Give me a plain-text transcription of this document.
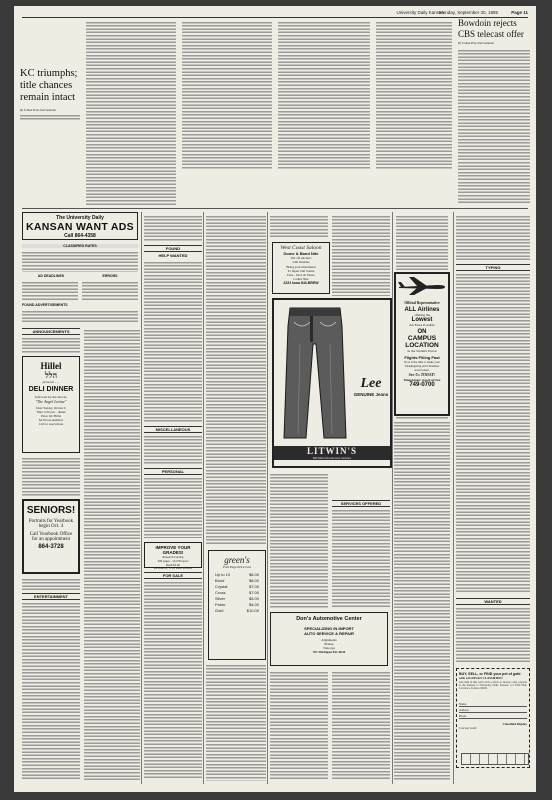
University Daily Kansan
Monday, September 30, 1985	Page 11
KC triumphs; title chances remain intact
By United Press International
Bowdoin rejects CBS telecast offer
By United Press International
The University Daily
KANSAN WANT ADS
Call 864-4358
CLASSIFIED RATES
AD DEADLINES	ERRORS
FOUND ADVERTISEMENTS
ANNOUNCEMENTS
Hillel
הלל
presents . . .
DELI DINNER
followed by the movie,
"The Angel Levine"
Date: Sunday, October 6
Time: 6:30 p.m. - dinner
Place: KU Hillel
$4.50 non-members
Call for reservations
SENIORS!
Portraits for Yearbook
begin Oct. 4
Call Yearbook Office
for an appointment
864-3728
ENTERTAINMENT
FOUND
HELP WANTED
MISCELLANEOUS
PERSONAL
IMPROVE YOUR GRADES!
Research Catalog
306 pages - 16,278 topics
Rush $2.00
RESEARCH, 11322 Idaho, #206WA
FOR SALE
green's
Full Page Price List
Up to 10	$8.00
Bond	$8.00
Crystal	$7.00
Cross	$7.00
Silver	$6.00
Poker	$4.00
Gold	$10.00
West Coast Saloon
Dome & Band Nite
50¢ off pitchers
with DeeDee
Bring your instrument
To Open Jam Tonite
Tues., Wed. & Thurs.
Ladies Nite
2222 Iowa 843-BREW
Lee
GENUINE Jeans
LITWIN'S
900 Mass Downtown Lawrence
Don's Automotive Center
SPECIALIZING IN IMPORT
AUTO SERVICE & REPAIR
Alignments
Brakes
Tune ups
701 Michigan 841-6044
SERVICES OFFERED
Official Representative
ALL Airlines
offering the
Lowest
Air Fares Possible
ON
CAMPUS
LOCATION
in the Student Union
Flights Filling Fast
Now is the time to make your
Thanksgiving and Christmas
travel plans.
See Us TODAY!
Maupintour travel service
749-0700
TYPING
WANTED
BUY, SELL, or FIND your pet of gold
with a KANSAN CLASSIFIED!
Just mail in this form with a check or money order payable to the Kansan to University Daily Kansan, 111 Flint Hall, Lawrence, Kansas 66045.
Name
Address
Phone
Classified Display
Cost per word:
